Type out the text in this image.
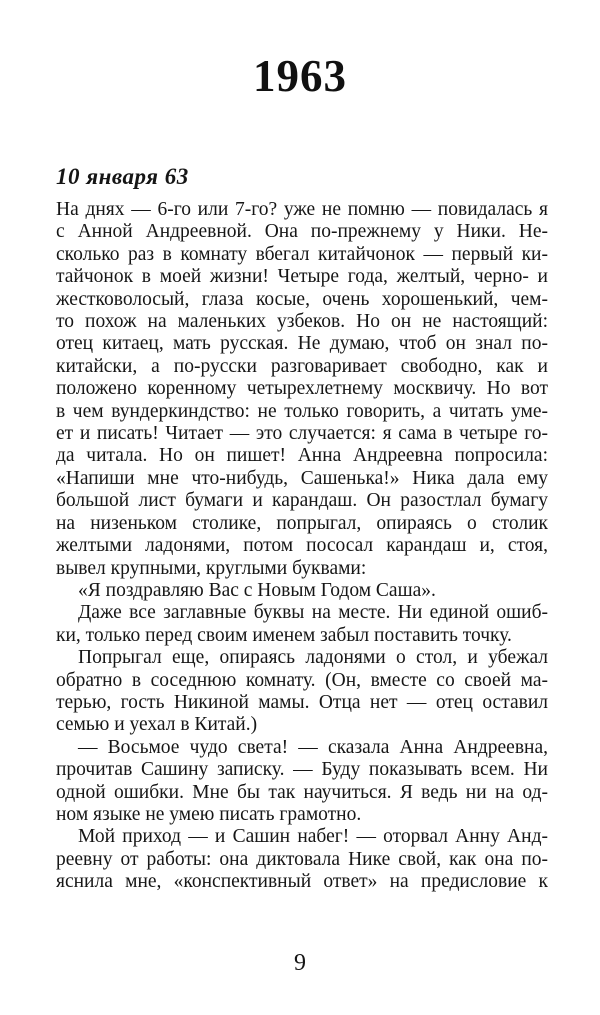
1963
10 января 63
На днях — 6-го или 7-го? уже не помню — повидалась я
с Анной Андреевной. Она по-прежнему у Ники. Не-
сколько раз в комнату вбегал китайчонок — первый ки-
тайчонок в моей жизни! Четыре года, желтый, черно- и
жестковолосый, глаза косые, очень хорошенький, чем-
то похож на маленьких узбеков. Но он не настоящий:
отец китаец, мать русская. Не думаю, чтоб он знал по-
китайски, а по-русски разговаривает свободно, как и
положено коренному четырехлетнему москвичу. Но вот
в чем вундеркиндство: не только говорить, а читать уме-
ет и писать! Читает — это случается: я сама в четыре го-
да читала. Но он пишет! Анна Андреевна попросила:
«Напиши мне что-нибудь, Сашенька!» Ника дала ему
большой лист бумаги и карандаш. Он разостлал бумагу
на низеньком столике, попрыгал, опираясь о столик
желтыми ладонями, потом пососал карандаш и, стоя,
вывел крупными, круглыми буквами:
«Я поздравляю Вас с Новым Годом Саша».
Даже все заглавные буквы на месте. Ни единой ошиб-
ки, только перед своим именем забыл поставить точку.
Попрыгал еще, опираясь ладонями о стол, и убежал
обратно в соседнюю комнату. (Он, вместе со своей ма-
терью, гость Никиной мамы. Отца нет — отец оставил
семью и уехал в Китай.)
— Восьмое чудо света! — сказала Анна Андреевна,
прочитав Сашину записку. — Буду показывать всем. Ни
одной ошибки. Мне бы так научиться. Я ведь ни на од-
ном языке не умею писать грамотно.
Мой приход — и Сашин набег! — оторвал Анну Анд-
реевну от работы: она диктовала Нике свой, как она по-
яснила мне, «конспективный ответ» на предисловие к
9
